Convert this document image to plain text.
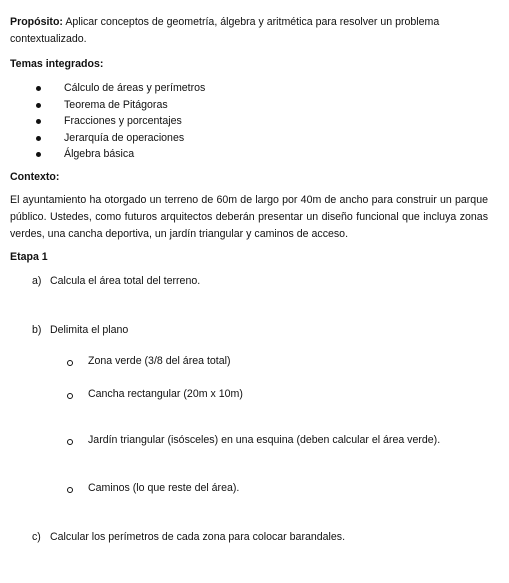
Propósito: Aplicar conceptos de geometría, álgebra y aritmética para resolver un problema
contextualizado.
Temas integrados:
Cálculo de áreas y perímetros
Teorema de Pitágoras
Fracciones y porcentajes
Jerarquía de operaciones
Álgebra básica
Contexto:
El ayuntamiento ha otorgado un terreno de 60m de largo por 40m de ancho para construir un parque público. Ustedes, como futuros arquitectos deberán presentar un diseño funcional que incluya zonas verdes, una cancha deportiva, un jardín triangular y caminos de acceso.
Etapa 1
a) Calcula el área total del terreno.
b) Delimita el plano
Zona verde (3/8 del área total)
Cancha rectangular (20m x 10m)
Jardín triangular (isósceles) en una esquina (deben calcular el área verde).
Caminos (lo que reste del área).
c) Calcular los perímetros de cada zona para colocar barandales.
